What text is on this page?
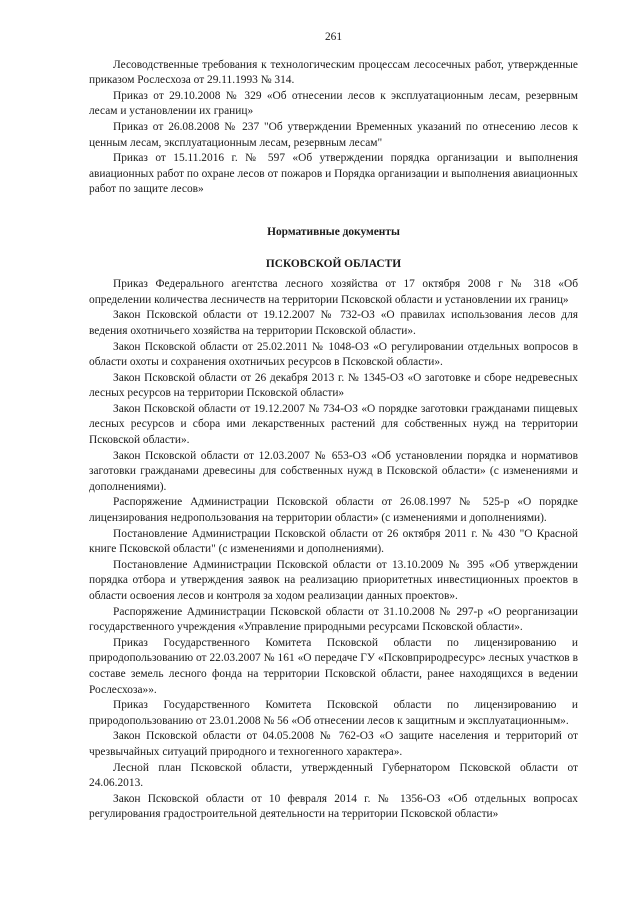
261

Лесоводственные требования к технологическим процессам лесосечных работ, утвержденные приказом Рослесхоза от 29.11.1993 № 314.

Приказ от 29.10.2008 № 329 «Об отнесении лесов к эксплуатационным лесам, резервным лесам и установлении их границ»

Приказ от 26.08.2008 № 237 "Об утверждении Временных указаний по отнесению лесов к ценным лесам, эксплуатационным лесам, резервным лесам"

Приказ от 15.11.2016 г. № 597 «Об утверждении порядка организации и выполнения авиационных работ по охране лесов от пожаров и Порядка организации и выполнения авиационных работ по защите лесов»

Нормативные документы
ПСКОВСКОЙ ОБЛАСТИ

Приказ Федерального агентства лесного хозяйства от 17 октября 2008 г № 318 «Об определении количества лесничеств на территории Псковской области и установлении их границ»

Закон Псковской области от 19.12.2007 № 732-ОЗ «О правилах использования лесов для ведения охотничьего хозяйства на территории Псковской области».

Закон Псковской области от 25.02.2011 № 1048-ОЗ «О регулировании отдельных вопросов в области охоты и сохранения охотничьих ресурсов в Псковской области».

Закон Псковской области от 26 декабря 2013 г. № 1345-ОЗ «О заготовке и сборе недревесных лесных ресурсов на территории Псковской области»

Закон Псковской области от 19.12.2007 № 734-ОЗ «О порядке заготовки гражданами пищевых лесных ресурсов и сбора ими лекарственных растений для собственных нужд на территории Псковской области».

Закон Псковской области от 12.03.2007 № 653-ОЗ «Об установлении порядка и нормативов заготовки гражданами древесины для собственных нужд в Псковской области» (с изменениями и дополнениями).

Распоряжение Администрации Псковской области от 26.08.1997 № 525-р «О порядке лицензирования недропользования на территории области» (с изменениями и дополнениями).

Постановление Администрации Псковской области от 26 октября 2011 г. № 430 "О Красной книге Псковской области" (с изменениями и дополнениями).

Постановление Администрации Псковской области от 13.10.2009 № 395 «Об утверждении порядка отбора и утверждения заявок на реализацию приоритетных инвестиционных проектов в области освоения лесов и контроля за ходом реализации данных проектов».

Распоряжение Администрации Псковской области от 31.10.2008 № 297-р «О реорганизации государственного учреждения «Управление природными ресурсами Псковской области».

Приказ Государственного Комитета Псковской области по лицензированию и природопользованию от 22.03.2007 № 161 «О передаче ГУ «Псковприродресурс» лесных участков в составе земель лесного фонда на территории Псковской области, ранее находящихся в ведении Рослесхоза»».

Приказ Государственного Комитета Псковской области по лицензированию и природопользованию от 23.01.2008 № 56 «Об отнесении лесов к защитным и эксплуатационным».

Закон Псковской области от 04.05.2008 № 762-ОЗ «О защите населения и территорий от чрезвычайных ситуаций природного и техногенного характера».

Лесной план Псковской области, утвержденный Губернатором Псковской области от 24.06.2013.

Закон Псковской области от 10 февраля 2014 г. № 1356-ОЗ «Об отдельных вопросах регулирования градостроительной деятельности на территории Псковской области»
